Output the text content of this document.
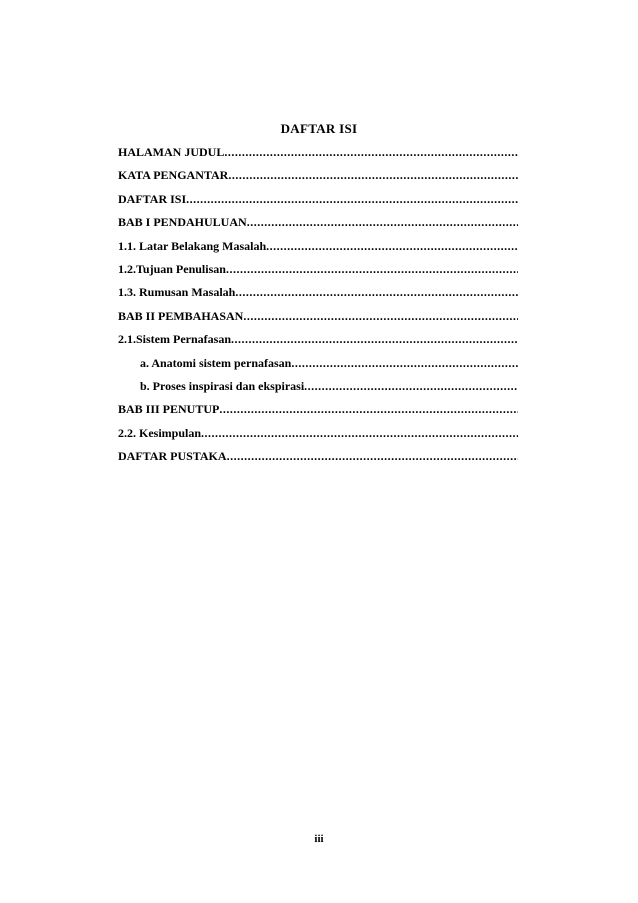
DAFTAR ISI
HALAMAN JUDUL
.....
KATA PENGANTAR
.....
DAFTAR ISI
.....
BAB I PENDAHULUAN
.....
1.1. Latar Belakang Masalah
.....
1.2.Tujuan Penulisan
.....
1.3. Rumusan Masalah
.....
BAB II PEMBAHASAN
.....
2.1.Sistem Pernafasan
.....
a. Anatomi sistem pernafasan
.....
b. Proses inspirasi dan ekspirasi
.....
BAB III PENUTUP
.....
2.2. Kesimpulan
.....
DAFTAR PUSTAKA
.....
iii
